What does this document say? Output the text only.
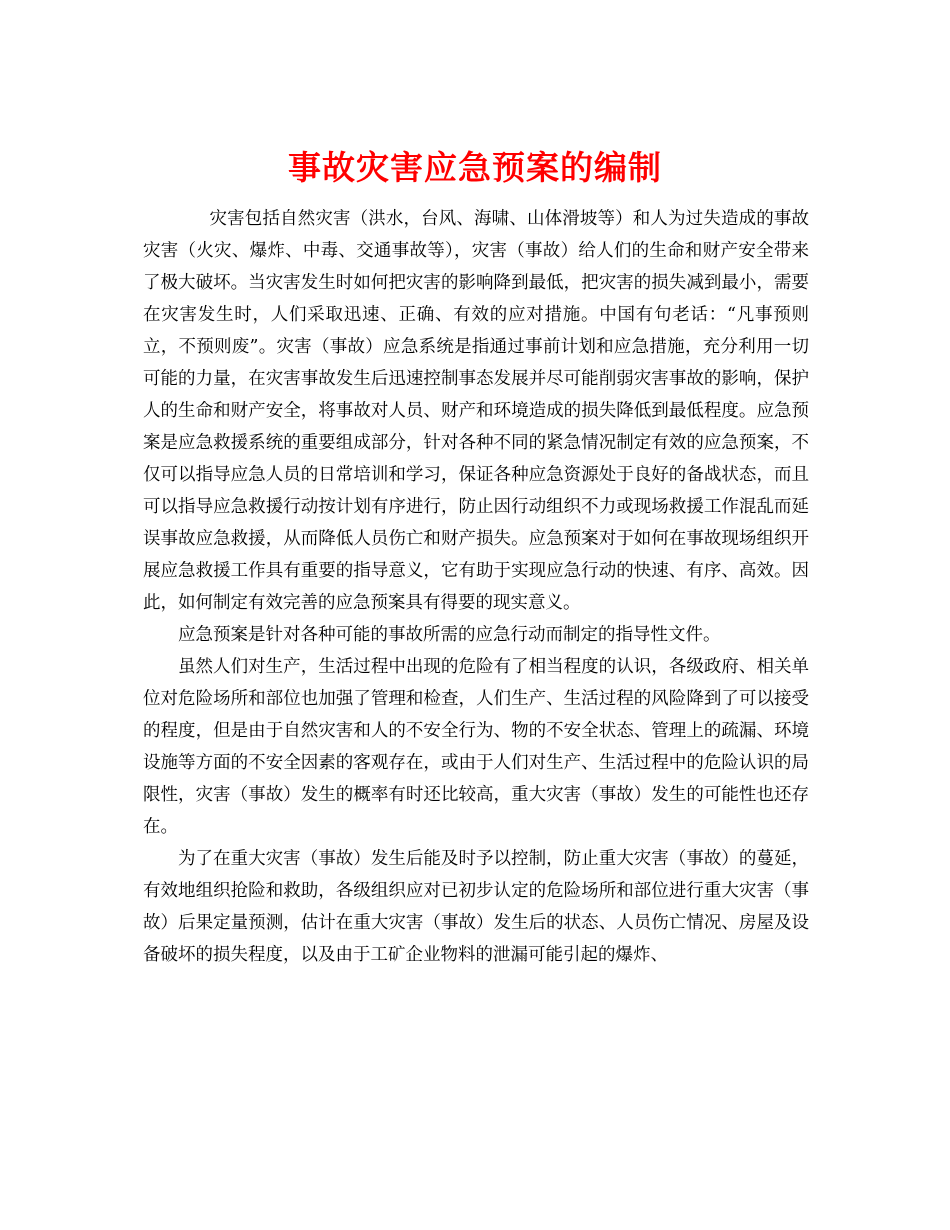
事故灾害应急预案的编制

灾害包括自然灾害（洪水，台风、海啸、山体滑坡等）和人为过失造成的事故灾害（火灾、爆炸、中毒、交通事故等），灾害（事故）给人们的生命和财产安全带来了极大破坏。当灾害发生时如何把灾害的影响降到最低，把灾害的损失减到最小，需要在灾害发生时，人们采取迅速、正确、有效的应对措施。中国有句老话：“凡事预则立，不预则废”。灾害（事故）应急系统是指通过事前计划和应急措施，充分利用一切可能的力量，在灾害事故发生后迅速控制事态发展并尽可能削弱灾害事故的影响，保护人的生命和财产安全，将事故对人员、财产和环境造成的损失降低到最低程度。应急预案是应急救援系统的重要组成部分，针对各种不同的紧急情况制定有效的应急预案，不仅可以指导应急人员的日常培训和学习，保证各种应急资源处于良好的备战状态，而且可以指导应急救援行动按计划有序进行，防止因行动组织不力或现场救援工作混乱而延误事故应急救援，从而降低人员伤亡和财产损失。应急预案对于如何在事故现场组织开展应急救援工作具有重要的指导意义，它有助于实现应急行动的快速、有序、高效。因此，如何制定有效完善的应急预案具有得要的现实意义。

应急预案是针对各种可能的事故所需的应急行动而制定的指导性文件。

虽然人们对生产，生活过程中出现的危险有了相当程度的认识，各级政府、相关单位对危险场所和部位也加强了管理和检查，人们生产、生活过程的风险降到了可以接受的程度，但是由于自然灾害和人的不安全行为、物的不安全状态、管理上的疏漏、环境设施等方面的不安全因素的客观存在，或由于人们对生产、生活过程中的危险认识的局限性，灾害（事故）发生的概率有时还比较高，重大灾害（事故）发生的可能性也还存在。

为了在重大灾害（事故）发生后能及时予以控制，防止重大灾害（事故）的蔓延，有效地组织抢险和救助，各级组织应对已初步认定的危险场所和部位进行重大灾害（事故）后果定量预测，估计在重大灾害（事故）发生后的状态、人员伤亡情况、房屋及设备破坏的损失程度，以及由于工矿企业物料的泄漏可能引起的爆炸、
